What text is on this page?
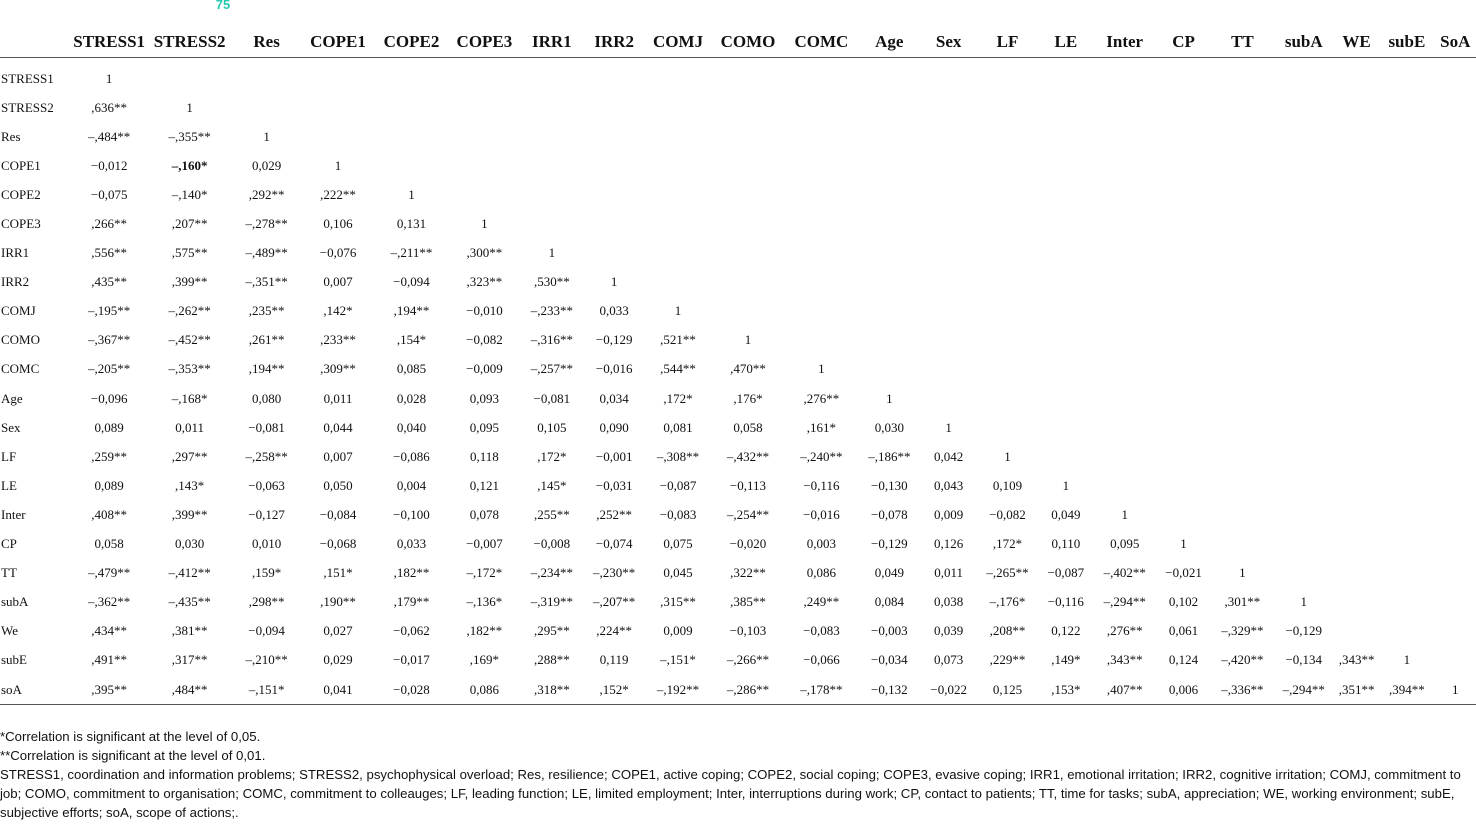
75
	STRESS1	STRESS2	Res	COPE1	COPE2	COPE3	IRR1	IRR2	COMJ	COMO	COMC	Age	Sex	LF	LE	Inter	CP	TT	subA	WE	subE	SoA
STRESS1	1																					
STRESS2	,636**	1																				
Res	–,484**	–,355**	1																			
COPE1	−0,012	–,160*	0,029	1																		
COPE2	−0,075	–,140*	,292**	,222**	1																	
COPE3	,266**	,207**	–,278**	0,106	0,131	1																
IRR1	,556**	,575**	–,489**	−0,076	–,211**	,300**	1															
IRR2	,435**	,399**	–,351**	0,007	−0,094	,323**	,530**	1														
COMJ	–,195**	–,262**	,235**	,142*	,194**	−0,010	–,233**	0,033	1													
COMO	–,367**	–,452**	,261**	,233**	,154*	−0,082	–,316**	−0,129	,521**	1												
COMC	–,205**	–,353**	,194**	,309**	0,085	−0,009	–,257**	−0,016	,544**	,470**	1											
Age	−0,096	–,168*	0,080	0,011	0,028	0,093	−0,081	0,034	,172*	,176*	,276**	1										
Sex	0,089	0,011	−0,081	0,044	0,040	0,095	0,105	0,090	0,081	0,058	,161*	0,030	1									
LF	,259**	,297**	–,258**	0,007	−0,086	0,118	,172*	−0,001	–,308**	–,432**	–,240**	–,186**	0,042	1								
LE	0,089	,143*	−0,063	0,050	0,004	0,121	,145*	−0,031	−0,087	−0,113	−0,116	−0,130	0,043	0,109	1							
Inter	,408**	,399**	−0,127	−0,084	−0,100	0,078	,255**	,252**	−0,083	–,254**	−0,016	−0,078	0,009	−0,082	0,049	1						
CP	0,058	0,030	0,010	−0,068	0,033	−0,007	−0,008	−0,074	0,075	−0,020	0,003	−0,129	0,126	,172*	0,110	0,095	1					
TT	–,479**	–,412**	,159*	,151*	,182**	–,172*	–,234**	–,230**	0,045	,322**	0,086	0,049	0,011	–,265**	−0,087	–,402**	−0,021	1				
subA	–,362**	–,435**	,298**	,190**	,179**	–,136*	–,319**	–,207**	,315**	,385**	,249**	0,084	0,038	–,176*	−0,116	–,294**	0,102	,301**	1			
We	,434**	,381**	−0,094	0,027	−0,062	,182**	,295**	,224**	0,009	−0,103	−0,083	−0,003	0,039	,208**	0,122	,276**	0,061	–,329**	−0,129			
subE	,491**	,317**	–,210**	0,029	−0,017	,169*	,288**	0,119	–,151*	–,266**	−0,066	−0,034	0,073	,229**	,149*	,343**	0,124	–,420**	−0,134	,343**	1	
soA	,395**	,484**	–,151*	0,041	−0,028	0,086	,318**	,152*	–,192**	–,286**	–,178**	−0,132	−0,022	0,125	,153*	,407**	0,006	–,336**	–,294**	,351**	,394**	1
*Correlation is significant at the level of 0,05.
**Correlation is significant at the level of 0,01.
STRESS1, coordination and information problems; STRESS2, psychophysical overload; Res, resilience; COPE1, active coping; COPE2, social coping; COPE3, evasive coping; IRR1, emotional irritation; IRR2, cognitive irritation; COMJ, commitment to job; COMO, commitment to organisation; COMC, commitment to colleauges; LF, leading function; LE, limited employment; Inter, interruptions during work; CP, contact to patients; TT, time for tasks; subA, appreciation; WE, working environment; subE, subjective efforts; soA, scope of actions;.
